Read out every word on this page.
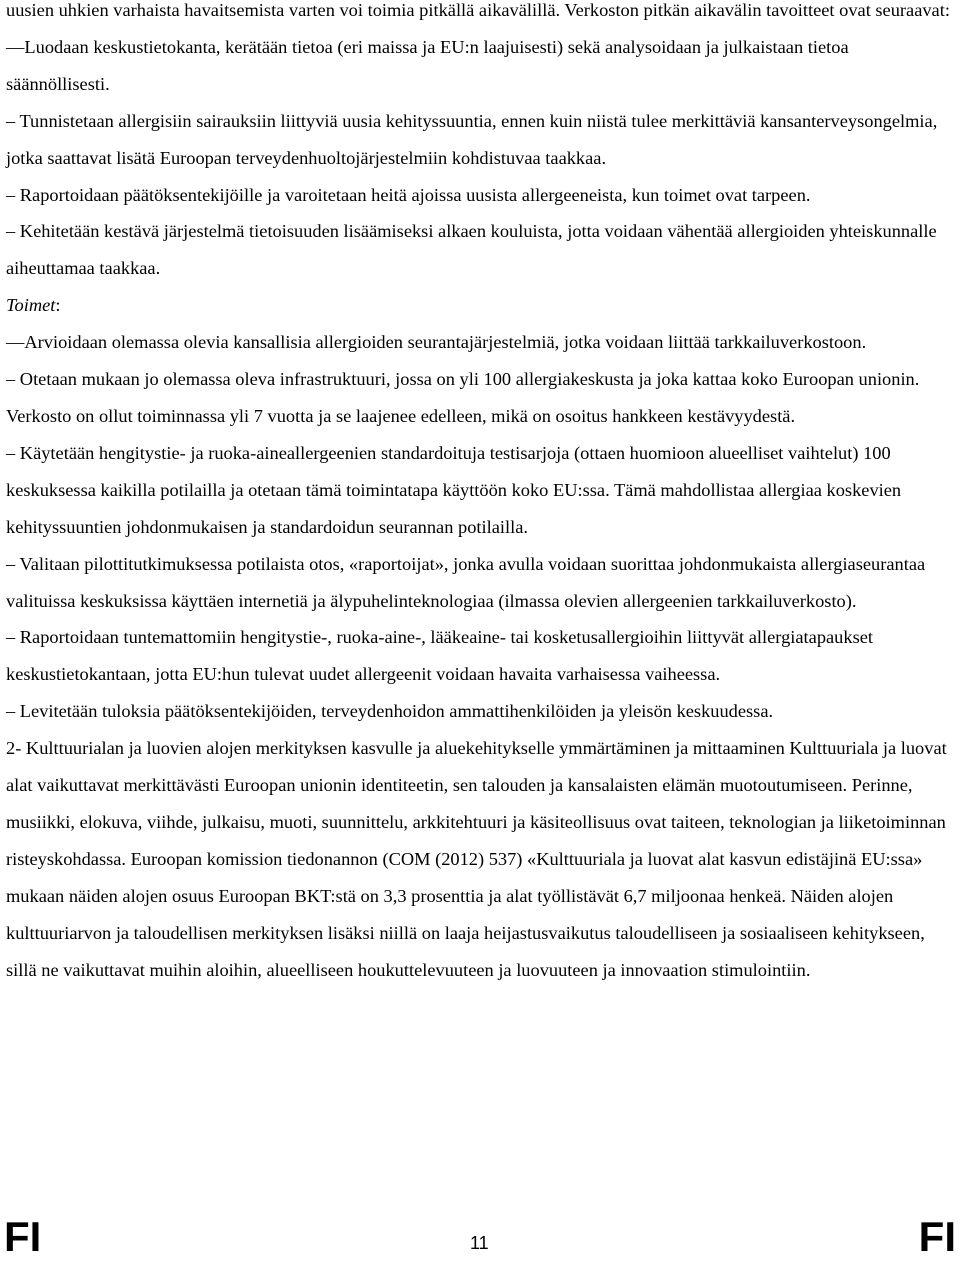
uusien uhkien varhaista havaitsemista varten voi toimia pitkällä aikavälillä. Verkoston pitkän aikavälin tavoitteet ovat seuraavat:

—Luodaan keskustietokanta, kerätään tietoa (eri maissa ja EU:n laajuisesti) sekä analysoidaan ja julkaistaan tietoa säännöllisesti.

– Tunnistetaan allergisiin sairauksiin liittyviä uusia kehityssuuntia, ennen kuin niistä tulee merkittäviä kansanterveysongelmia, jotka saattavat lisätä Euroopan terveydenhuoltojärjestelmiin kohdistuvaa taakkaa.

– Raportoidaan päätöksentekijöille ja varoitetaan heitä ajoissa uusista allergeeneista, kun toimet ovat tarpeen.

– Kehitetään kestävä järjestelmä tietoisuuden lisäämiseksi alkaen kouluista, jotta voidaan vähentää allergioiden yhteiskunnalle aiheuttamaa taakkaa.

Toimet:

—Arvioidaan olemassa olevia kansallisia allergioiden seurantajärjestelmiä, jotka voidaan liittää tarkkailuverkostoon.

– Otetaan mukaan jo olemassa oleva infrastruktuuri, jossa on yli 100 allergiakeskusta ja joka kattaa koko Euroopan unionin. Verkosto on ollut toiminnassa yli 7 vuotta ja se laajenee edelleen, mikä on osoitus hankkeen kestävyydestä.

– Käytetään hengitystie- ja ruoka-aineallergeenien standardoituja testisarjoja (ottaen huomioon alueelliset vaihtelut) 100 keskuksessa kaikilla potilailla ja otetaan tämä toimintatapa käyttöön koko EU:ssa. Tämä mahdollistaa allergiaa koskevien kehityssuuntien johdonmukaisen ja standardoidun seurannan potilailla.

– Valitaan pilottitutkimuksessa potilaista otos, «raportoijat», jonka avulla voidaan suorittaa johdonmukaista allergiaseurantaa valituissa keskuksissa käyttäen internetiä ja älypuhelinteknologiaa (ilmassa olevien allergeenien tarkkailuverkosto).

– Raportoidaan tuntemattomiin hengitystie-, ruoka-aine-, lääkeaine- tai kosketusallergioihin liittyvät allergiatapaukset keskustietokantaan, jotta EU:hun tulevat uudet allergeenit voidaan havaita varhaisessa vaiheessa.

– Levitetään tuloksia päätöksentekijöiden, terveydenhoidon ammattihenkilöiden ja yleisön keskuudessa.

2- Kulttuurialan ja luovien alojen merkityksen kasvulle ja aluekehitykselle ymmärtäminen ja mittaaminen Kulttuuriala ja luovat alat vaikuttavat merkittävästi Euroopan unionin identiteetin, sen talouden ja kansalaisten elämän muotoutumiseen. Perinne, musiikki, elokuva, viihde, julkaisu, muoti, suunnittelu, arkkitehtuuri ja käsiteollisuus ovat taiteen, teknologian ja liiketoiminnan risteyskohdassa. Euroopan komission tiedonannon (COM (2012) 537) «Kulttuuriala ja luovat alat kasvun edistäjinä EU:ssa» mukaan näiden alojen osuus Euroopan BKT:stä on 3,3 prosenttia ja alat työllistävät 6,7 miljoonaa henkeä. Näiden alojen kulttuuriarvon ja taloudellisen merkityksen lisäksi niillä on laaja heijastusvaikutus taloudelliseen ja sosiaaliseen kehitykseen, sillä ne vaikuttavat muihin aloihin, alueelliseen houkuttelevuuteen ja luovuuteen ja innovaation stimulointiin.

FI	11	FI
